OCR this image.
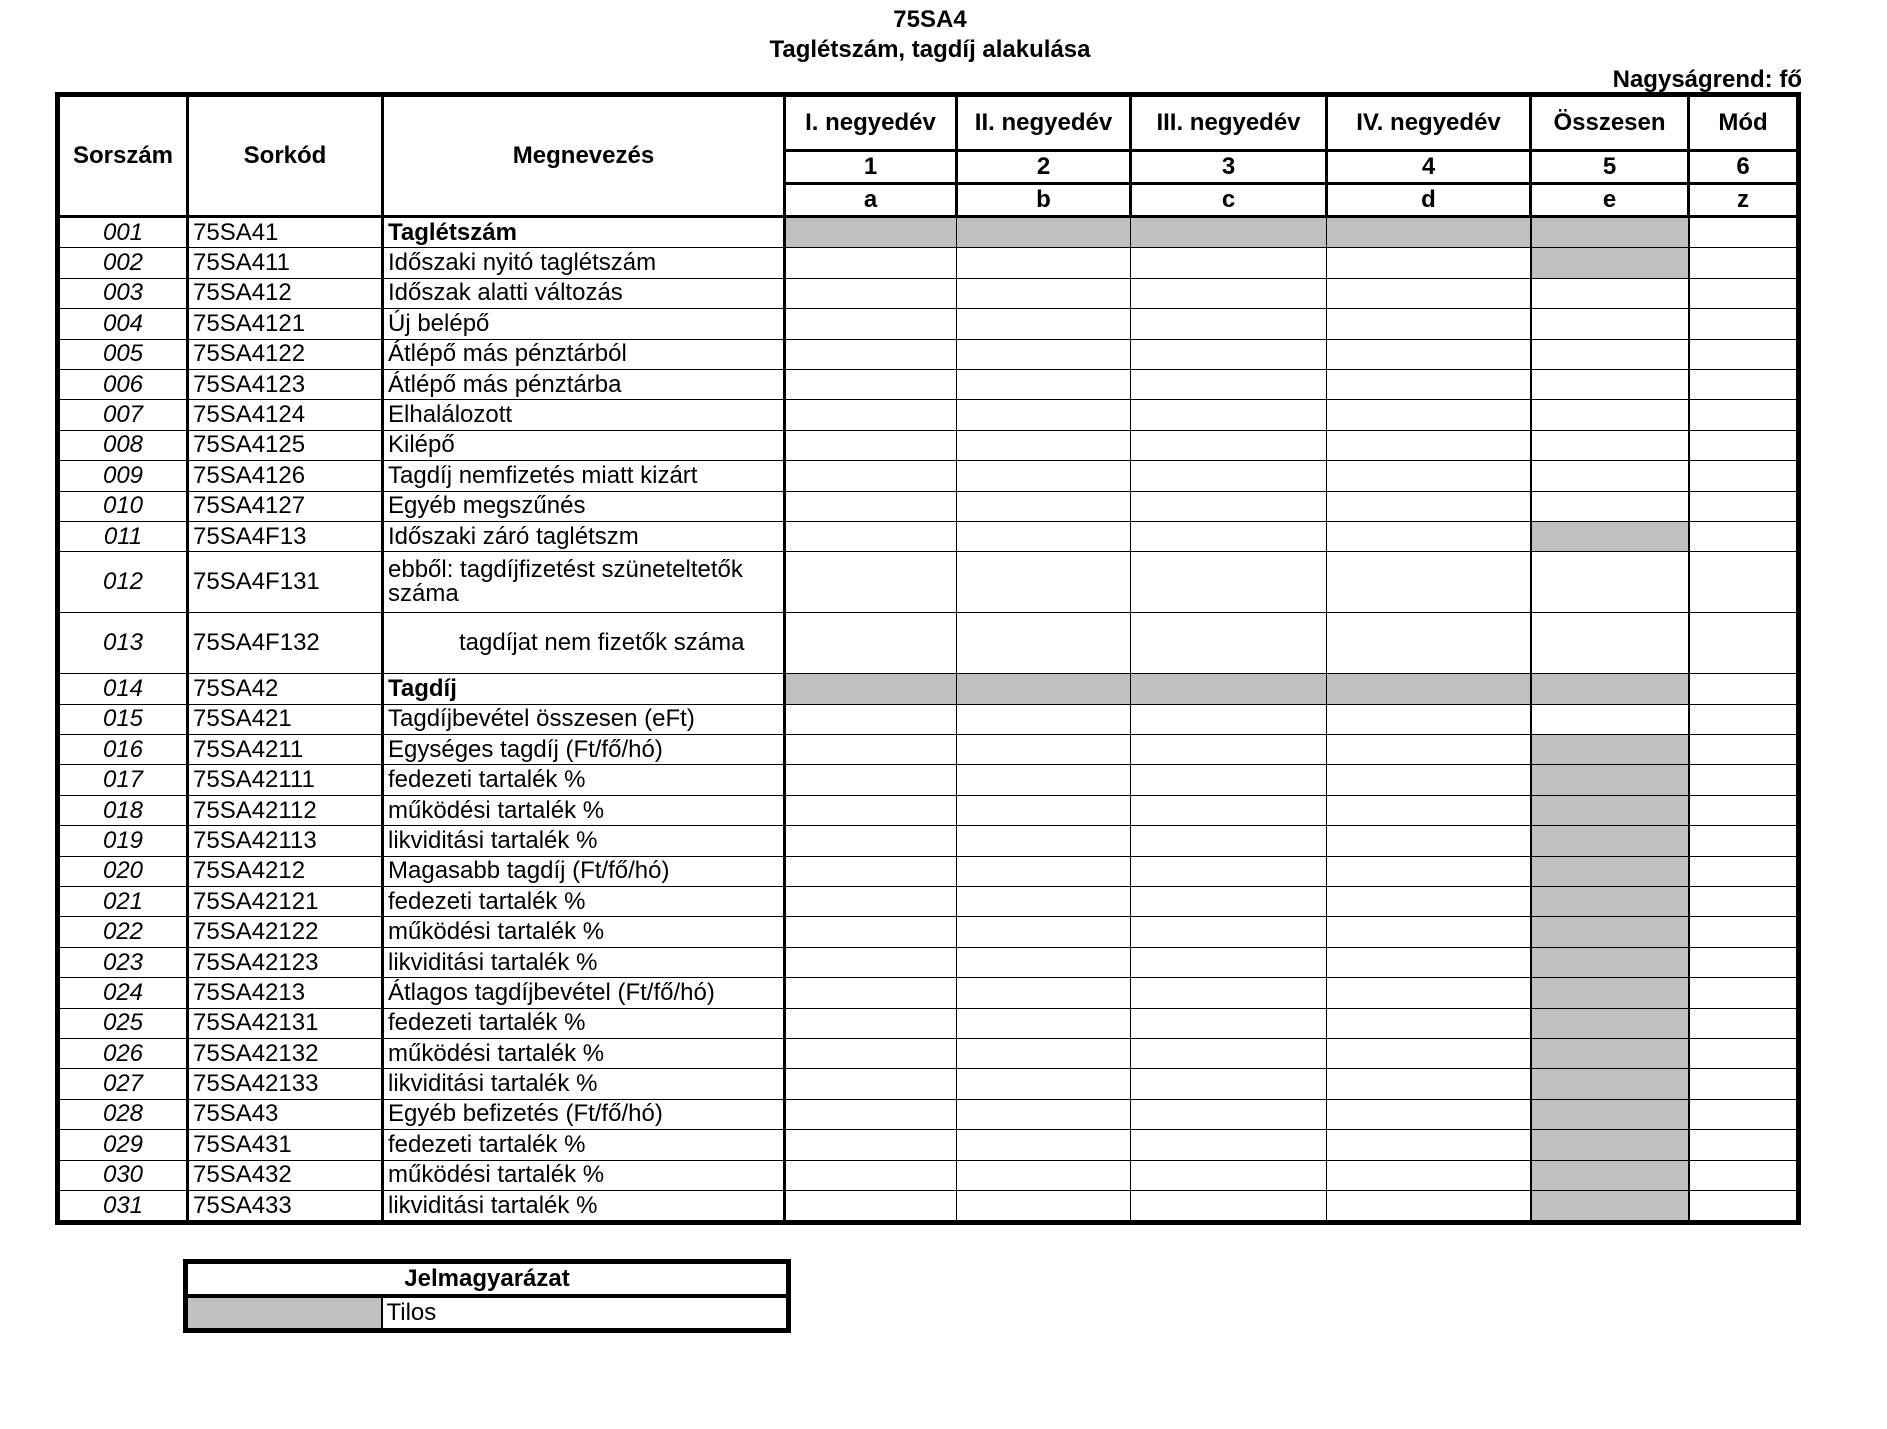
75SA4
Taglétszám, tagdíj alakulása
Nagyságrend: fő
Sorszám	Sorkód	Megnevezés	I. negyedév	II. negyedév	III. negyedév	IV. negyedév	Összesen	Mód
			1	2	3	4	5	6
			a	b	c	d	e	z
001	75SA41	Taglétszám						
002	75SA411	Időszaki nyitó taglétszám						
003	75SA412	Időszak alatti változás						
004	75SA4121	Új belépő						
005	75SA4122	Átlépő más pénztárból						
006	75SA4123	Átlépő más pénztárba						
007	75SA4124	Elhalálozott						
008	75SA4125	Kilépő						
009	75SA4126	Tagdíj nemfizetés miatt kizárt						
010	75SA4127	Egyéb megszűnés						
011	75SA4F13	Időszaki záró taglétszm						
012	75SA4F131	ebből: tagdíjfizetést szüneteltetők száma						
013	75SA4F132	tagdíjat nem fizetők száma						
014	75SA42	Tagdíj						
015	75SA421	Tagdíjbevétel összesen (eFt)						
016	75SA4211	Egységes tagdíj (Ft/fő/hó)						
017	75SA42111	fedezeti tartalék %						
018	75SA42112	működési tartalék %						
019	75SA42113	likviditási tartalék %						
020	75SA4212	Magasabb tagdíj (Ft/fő/hó)						
021	75SA42121	fedezeti tartalék %						
022	75SA42122	működési tartalék %						
023	75SA42123	likviditási tartalék %						
024	75SA4213	Átlagos tagdíjbevétel (Ft/fő/hó)						
025	75SA42131	fedezeti tartalék %						
026	75SA42132	működési tartalék %						
027	75SA42133	likviditási tartalék %						
028	75SA43	Egyéb befizetés (Ft/fő/hó)						
029	75SA431	fedezeti tartalék %						
030	75SA432	működési tartalék %						
031	75SA433	likviditási tartalék %						
Jelmagyarázat
	Tilos
